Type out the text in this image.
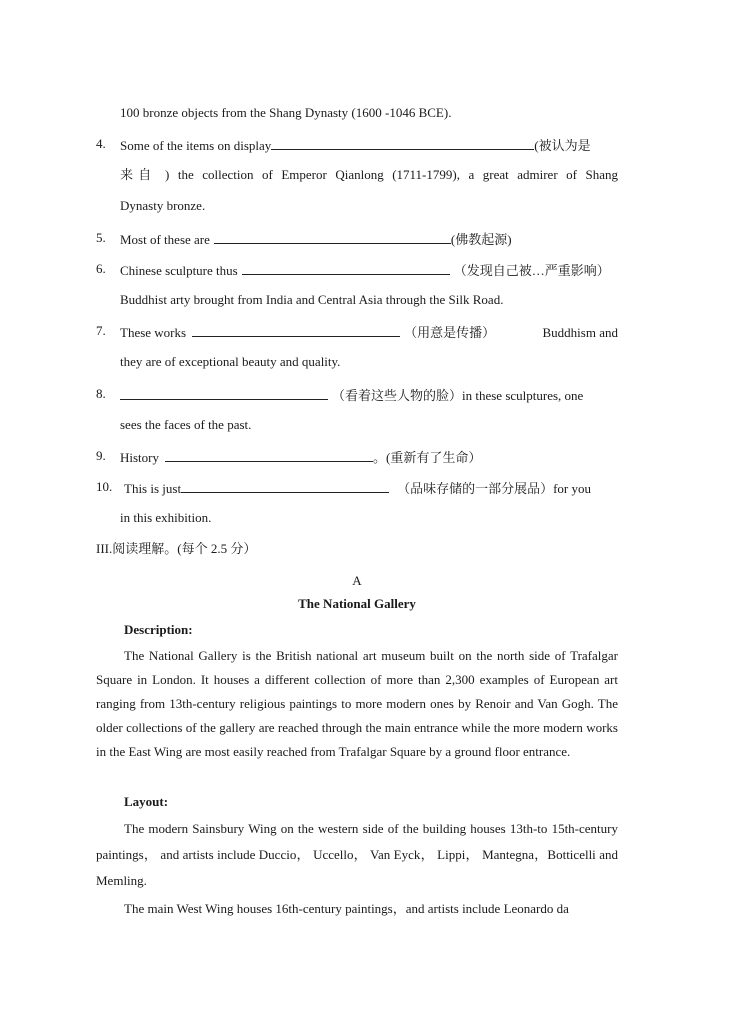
100 bronze objects from the Shang Dynasty (1600 -1046 BCE).
4. Some of the items on display	(被认为是
来自 ) the collection of Emperor Qianlong (1711-1799), a great admirer of Shang
Dynasty bronze.
5. Most of these are	(佛教起源)
6. Chinese sculpture thus	（发现自己被…严重影响）
Buddhist arty brought from India and Central Asia through the Silk Road.
7. These works	（用意是传播）	Buddhism and
they are of exceptional beauty and quality.
8.	（看着这些人物的脸）in these sculptures, one
sees the faces of the past.
9. History	。(重新有了生命）
10. This is just	（品味存储的一部分展品）for you
in this exhibition.
III.阅读理解。(每个 2.5 分）
A
The National Gallery
Description:
The National Gallery is the British national art museum built on the north side of Trafalgar Square in London. It houses a different collection of more than 2,300 examples of European art ranging from 13th-century religious paintings to more modern ones by Renoir and Van Gogh. The older collections of the gallery are reached through the main entrance while the more modern works in the East Wing are most easily reached from Trafalgar Square by a ground floor entrance.
Layout:
The modern Sainsbury Wing on the western side of the building houses 13th-to 15th-century paintings， and artists include Duccio， Uccello， Van Eyck， Lippi， Mantegna，Botticelli and Memling.
The main West Wing houses 16th-century paintings，and artists include Leonardo da
